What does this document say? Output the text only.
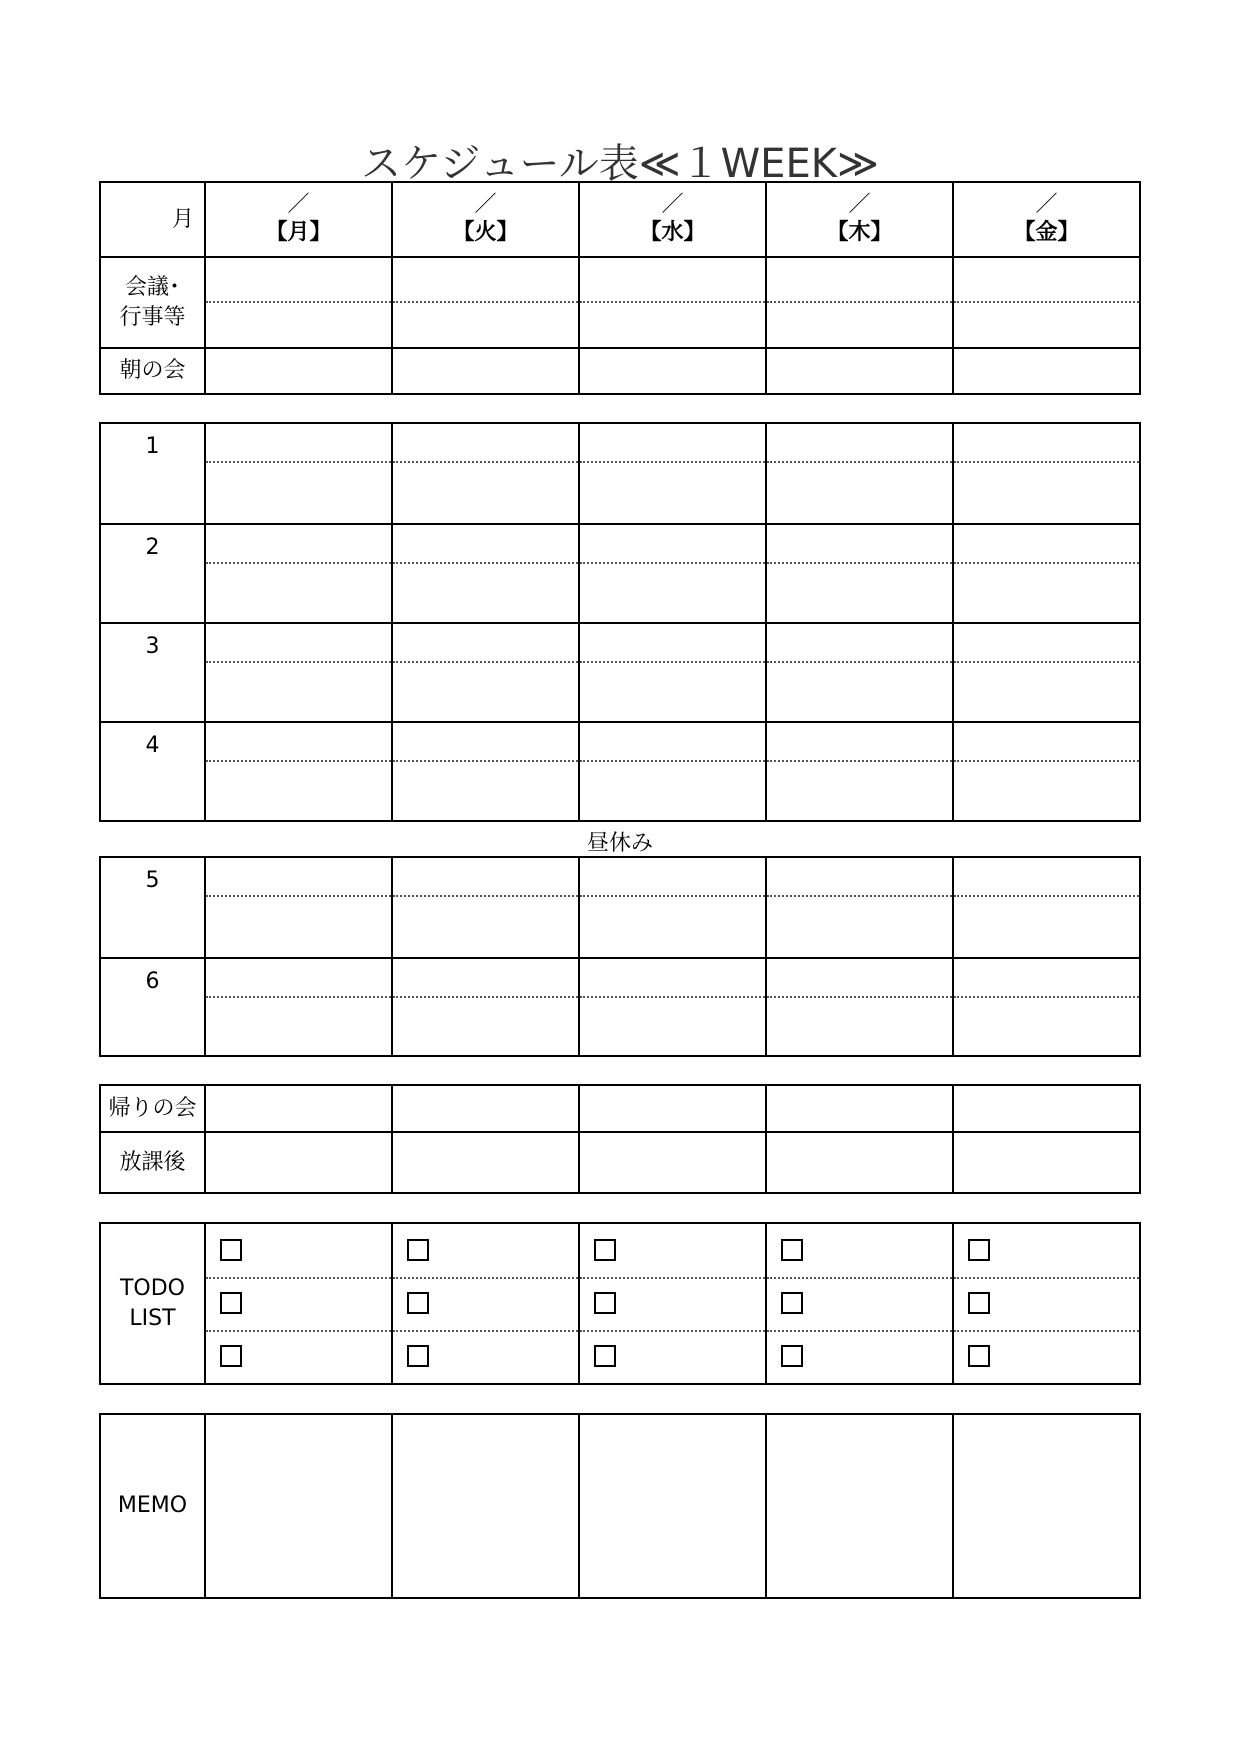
スケジュール表≪１WEEK≫
月
／
【月】
／
【火】
／
【水】
／
【木】
／
【金】
会議･
行事等
朝の会
1
2
3
4
昼休み
5
6
帰りの会
放課後
TODO
LIST
MEMO
